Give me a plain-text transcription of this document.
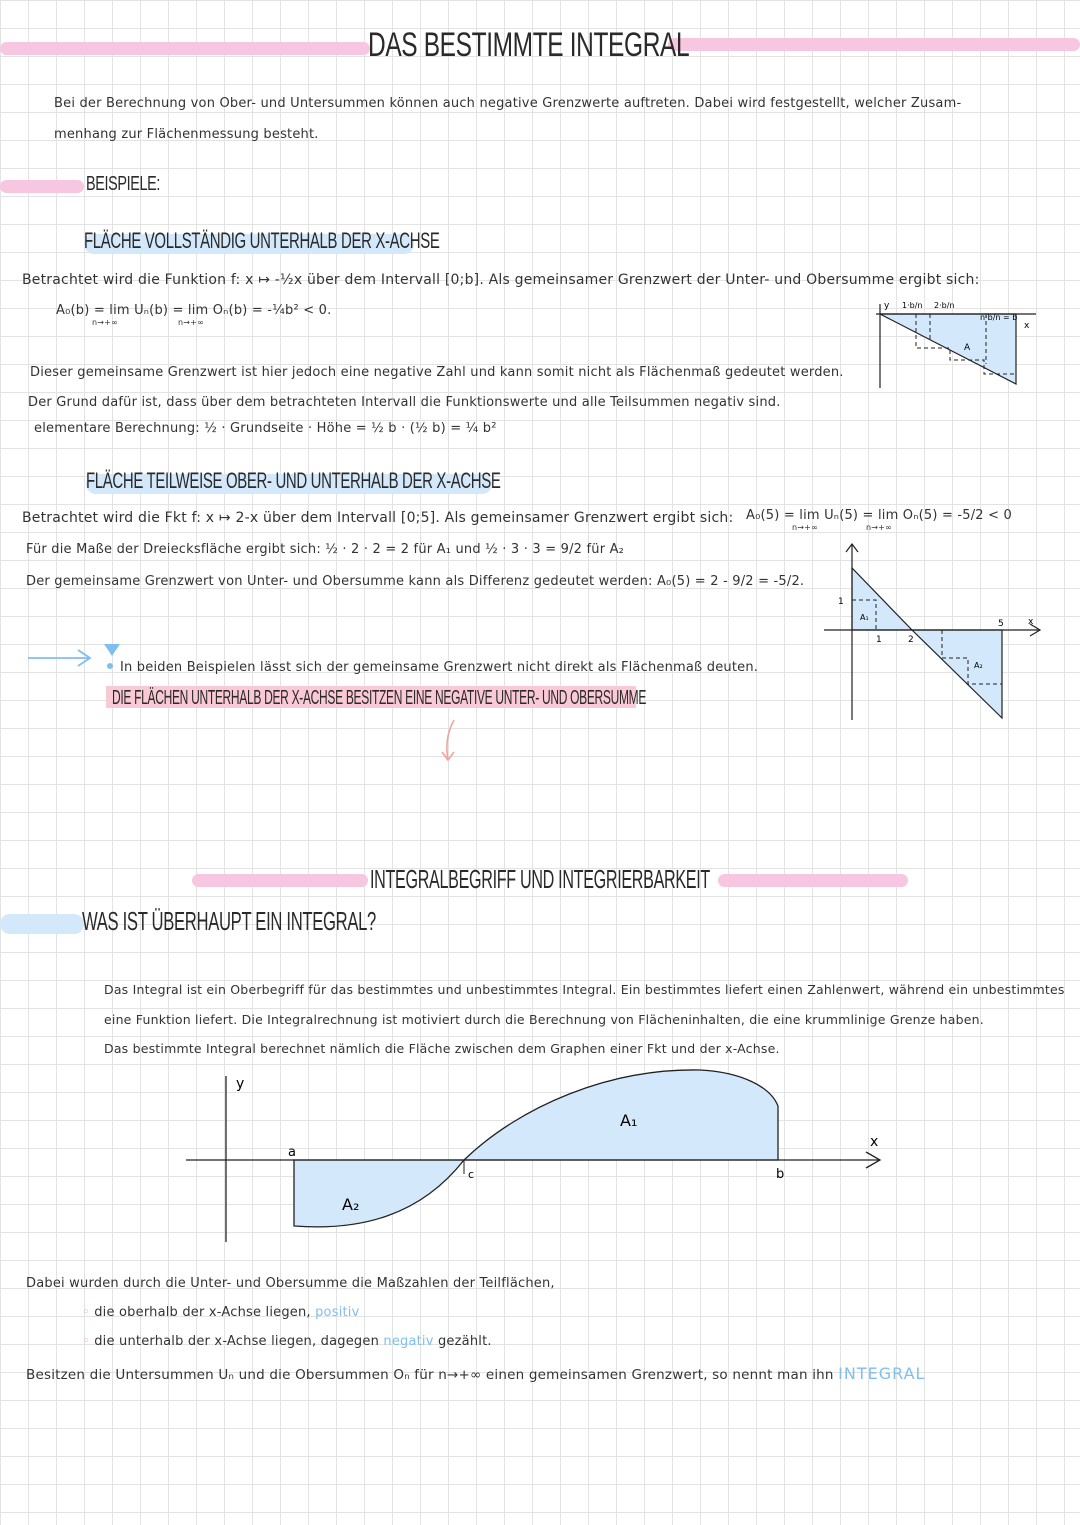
DAS BESTIMMTE INTEGRAL
Bei der Berechnung von Ober- und Untersummen können auch negative Grenzwerte auftreten. Dabei wird festgestellt, welcher Zusam-
menhang zur Flächenmessung besteht.
BEISPIELE:
FLÄCHE VOLLSTÄNDIG UNTERHALB DER X-ACHSE
Betrachtet wird die Funktion f: x ↦ -½x über dem Intervall [0;b]. Als gemeinsamer Grenzwert der Unter- und Obersumme ergibt sich:
A₀(b) = lim Uₙ(b) = lim Oₙ(b) = -¼b² < 0.
n→+∞	n→+∞
Dieser gemeinsame Grenzwert ist hier jedoch eine negative Zahl und kann somit nicht als Flächenmaß gedeutet werden.
Der Grund dafür ist, dass über dem betrachteten Intervall die Funktionswerte und alle Teilsummen negativ sind.
elementare Berechnung: ½ · Grundseite · Höhe = ½ b · (½ b) = ¼ b²
y 1·b/n 2·b/n
n·b/n = b
A
x
FLÄCHE TEILWEISE OBER- UND UNTERHALB DER X-ACHSE
Betrachtet wird die Fkt f: x ↦ 2-x über dem Intervall [0;5]. Als gemeinsamer Grenzwert ergibt sich: A₀(5) = lim Uₙ(5) = lim Oₙ(5) = -5/2 < 0
n→+∞	n→+∞
Für die Maße der Dreiecksfläche ergibt sich: ½ · 2 · 2 = 2 für A₁ und ½ · 3 · 3 = 9/2 für A₂
Der gemeinsame Grenzwert von Unter- und Obersumme kann als Differenz gedeutet werden: A₀(5) = 2 - 9/2 = -5/2.
1
1	2
5	x
A₁
A₂
In beiden Beispielen lässt sich der gemeinsame Grenzwert nicht direkt als Flächenmaß deuten.
DIE FLÄCHEN UNTERHALB DER X-ACHSE BESITZEN EINE NEGATIVE UNTER- UND OBERSUMME
INTEGRALBEGRIFF UND INTEGRIERBARKEIT
WAS IST ÜBERHAUPT EIN INTEGRAL?
Das Integral ist ein Oberbegriff für das bestimmtes und unbestimmtes Integral. Ein bestimmtes liefert einen Zahlenwert, während ein unbestimmtes
eine Funktion liefert. Die Integralrechnung ist motiviert durch die Berechnung von Flächeninhalten, die eine krummlinige Grenze haben.
Das bestimmte Integral berechnet nämlich die Fläche zwischen dem Graphen einer Fkt und der x-Achse.
y
x
a
b
c
A₁
A₂
Dabei wurden durch die Unter- und Obersumme die Maßzahlen der Teilflächen,
◦ die oberhalb der x-Achse liegen, positiv
◦ die unterhalb der x-Achse liegen, dagegen negativ gezählt.
Besitzen die Untersummen Uₙ und die Obersummen Oₙ für n→+∞ einen gemeinsamen Grenzwert, so nennt man ihn INTEGRAL
